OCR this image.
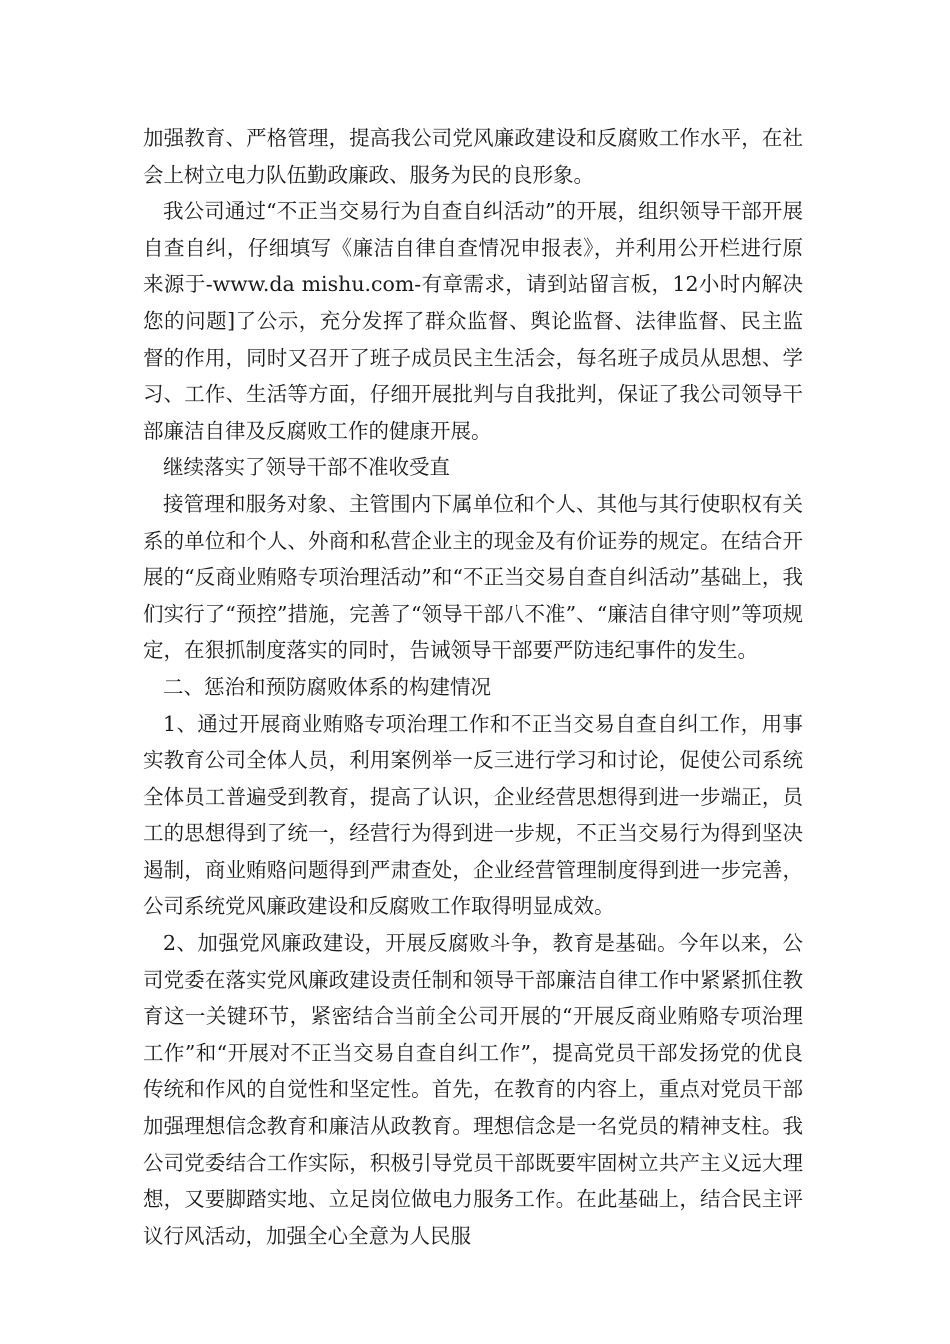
加强教育、严格管理，提高我公司党风廉政建设和反腐败工作水平，在社会上树立电力队伍勤政廉政、服务为民的良形象。

我公司通过“不正当交易行为自查自纠活动”的开展，组织领导干部开展自查自纠，仔细填写《廉洁自律自查情况申报表》，并利用公开栏进行原来源于-www.da mishu.com-有章需求，请到站留言板，12小时内解决您的问题]了公示，充分发挥了群众监督、舆论监督、法律监督、民主监督的作用，同时又召开了班子成员民主生活会，每名班子成员从思想、学习、工作、生活等方面，仔细开展批判与自我批判，保证了我公司领导干部廉洁自律及反腐败工作的健康开展。

继续落实了领导干部不准收受直

接管理和服务对象、主管围内下属单位和个人、其他与其行使职权有关系的单位和个人、外商和私营企业主的现金及有价证券的规定。在结合开展的“反商业贿赂专项治理活动”和“不正当交易自查自纠活动”基础上，我们实行了“预控”措施，完善了“领导干部八不准”、“廉洁自律守则”等项规定，在狠抓制度落实的同时，告诫领导干部要严防违纪事件的发生。

二、惩治和预防腐败体系的构建情况

1、通过开展商业贿赂专项治理工作和不正当交易自查自纠工作，用事实教育公司全体人员，利用案例举一反三进行学习和讨论，促使公司系统全体员工普遍受到教育，提高了认识，企业经营思想得到进一步端正，员工的思想得到了统一，经营行为得到进一步规，不正当交易行为得到坚决遏制，商业贿赂问题得到严肃查处，企业经营管理制度得到进一步完善，公司系统党风廉政建设和反腐败工作取得明显成效。

2、加强党风廉政建设，开展反腐败斗争，教育是基础。今年以来，公司党委在落实党风廉政建设责任制和领导干部廉洁自律工作中紧紧抓住教育这一关键环节，紧密结合当前全公司开展的“开展反商业贿赂专项治理工作”和“开展对不正当交易自查自纠工作”，提高党员干部发扬党的优良传统和作风的自觉性和坚定性。首先，在教育的内容上，重点对党员干部加强理想信念教育和廉洁从政教育。理想信念是一名党员的精神支柱。我公司党委结合工作实际，积极引导党员干部既要牢固树立共产主义远大理想，又要脚踏实地、立足岗位做电力服务工作。在此基础上，结合民主评议行风活动，加强全心全意为人民服
